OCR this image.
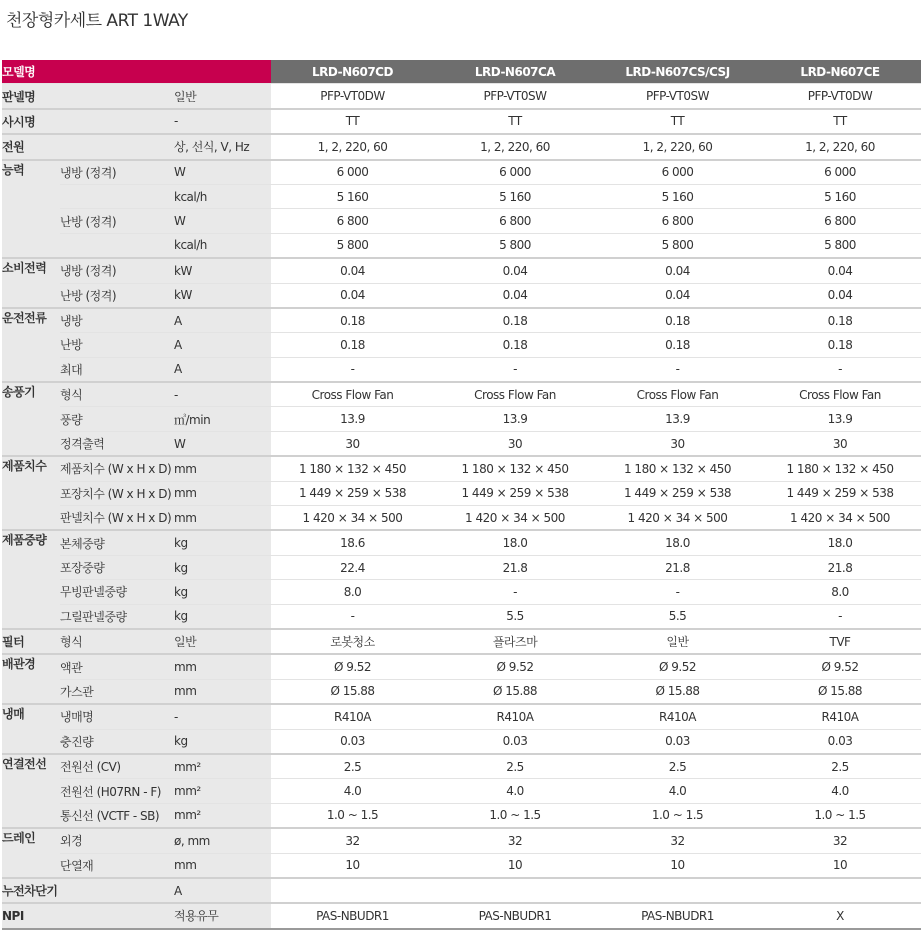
천장형카세트 ART 1WAY
모델명			LRD-N607CD	LRD-N607CA	LRD-N607CS/CSJ	LRD-N607CE
판넬명		일반	PFP-VT0DW	PFP-VT0SW	PFP-VT0SW	PFP-VT0DW
사시명		-	TT	TT	TT	TT
전원		상, 선식, V, Hz	1, 2, 220, 60	1, 2, 220, 60	1, 2, 220, 60	1, 2, 220, 60
능력	냉방 (정격)	W	6 000	6 000	6 000	6 000
		kcal/h	5 160	5 160	5 160	5 160
	난방 (정격)	W	6 800	6 800	6 800	6 800
		kcal/h	5 800	5 800	5 800	5 800
소비전력	냉방 (정격)	kW	0.04	0.04	0.04	0.04
	난방 (정격)	kW	0.04	0.04	0.04	0.04
운전전류	냉방	A	0.18	0.18	0.18	0.18
	난방	A	0.18	0.18	0.18	0.18
	최대	A	-	-	-	-
송풍기	형식	-	Cross Flow Fan	Cross Flow Fan	Cross Flow Fan	Cross Flow Fan
	풍량	㎥/min	13.9	13.9	13.9	13.9
	정격출력	W	30	30	30	30
제품치수	제품치수 (W x H x D)	mm	1 180 × 132 × 450	1 180 × 132 × 450	1 180 × 132 × 450	1 180 × 132 × 450
	포장치수 (W x H x D)	mm	1 449 × 259 × 538	1 449 × 259 × 538	1 449 × 259 × 538	1 449 × 259 × 538
	판넬치수 (W x H x D)	mm	1 420 × 34 × 500	1 420 × 34 × 500	1 420 × 34 × 500	1 420 × 34 × 500
제품중량	본체중량	kg	18.6	18.0	18.0	18.0
	포장중량	kg	22.4	21.8	21.8	21.8
	무빙판넬중량	kg	8.0	-	-	8.0
	그릴판넬중량	kg	-	5.5	5.5	-
필터	형식	일반	로봇청소	플라즈마	일반	TVF
배관경	액관	mm	Ø 9.52	Ø 9.52	Ø 9.52	Ø 9.52
	가스관	mm	Ø 15.88	Ø 15.88	Ø 15.88	Ø 15.88
냉매	냉매명	-	R410A	R410A	R410A	R410A
	충진량	kg	0.03	0.03	0.03	0.03
연결전선	전원선 (CV)	mm²	2.5	2.5	2.5	2.5
	전원선 (H07RN - F)	mm²	4.0	4.0	4.0	4.0
	통신선 (VCTF - SB)	mm²	1.0 ~ 1.5	1.0 ~ 1.5	1.0 ~ 1.5	1.0 ~ 1.5
드레인	외경	ø, mm	32	32	32	32
	단열재	mm	10	10	10	10
누전차단기		A				
NPI		적용유무	PAS-NBUDR1	PAS-NBUDR1	PAS-NBUDR1	X
